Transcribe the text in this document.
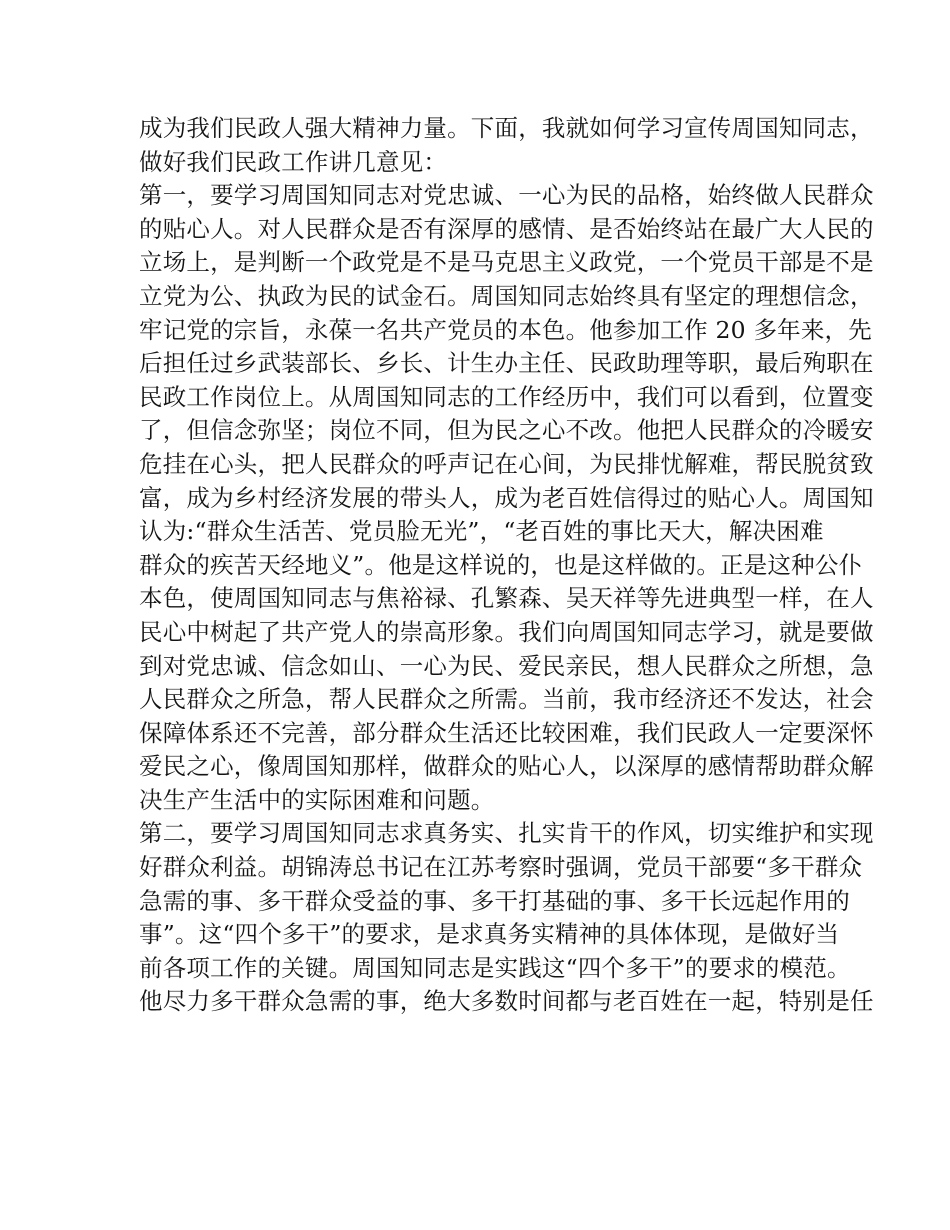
成为我们民政人强大精神力量。下面，我就如何学习宣传周国知同志，
做好我们民政工作讲几意见：
第一，要学习周国知同志对党忠诚、一心为民的品格，始终做人民群众
的贴心人。对人民群众是否有深厚的感情、是否始终站在最广大人民的
立场上，是判断一个政党是不是马克思主义政党，一个党员干部是不是
立党为公、执政为民的试金石。周国知同志始终具有坚定的理想信念，
牢记党的宗旨，永葆一名共产党员的本色。他参加工作 20 多年来，先
后担任过乡武装部长、乡长、计生办主任、民政助理等职，最后殉职在
民政工作岗位上。从周国知同志的工作经历中，我们可以看到，位置变
了，但信念弥坚；岗位不同，但为民之心不改。他把人民群众的冷暖安
危挂在心头，把人民群众的呼声记在心间，为民排忧解难，帮民脱贫致
富，成为乡村经济发展的带头人，成为老百姓信得过的贴心人。周国知
认为:“群众生活苦、党员脸无光”，“老百姓的事比天大，解决困难
群众的疾苦天经地义”。他是这样说的，也是这样做的。正是这种公仆
本色，使周国知同志与焦裕禄、孔繁森、吴天祥等先进典型一样，在人
民心中树起了共产党人的崇高形象。我们向周国知同志学习，就是要做
到对党忠诚、信念如山、一心为民、爱民亲民，想人民群众之所想，急
人民群众之所急，帮人民群众之所需。当前，我市经济还不发达，社会
保障体系还不完善，部分群众生活还比较困难，我们民政人一定要深怀
爱民之心，像周国知那样，做群众的贴心人，以深厚的感情帮助群众解
决生产生活中的实际困难和问题。
第二，要学习周国知同志求真务实、扎实肯干的作风，切实维护和实现
好群众利益。胡锦涛总书记在江苏考察时强调，党员干部要“多干群众
急需的事、多干群众受益的事、多干打基础的事、多干长远起作用的
事”。这“四个多干”的要求，是求真务实精神的具体体现，是做好当
前各项工作的关键。周国知同志是实践这“四个多干”的要求的模范。
他尽力多干群众急需的事，绝大多数时间都与老百姓在一起，特别是任
